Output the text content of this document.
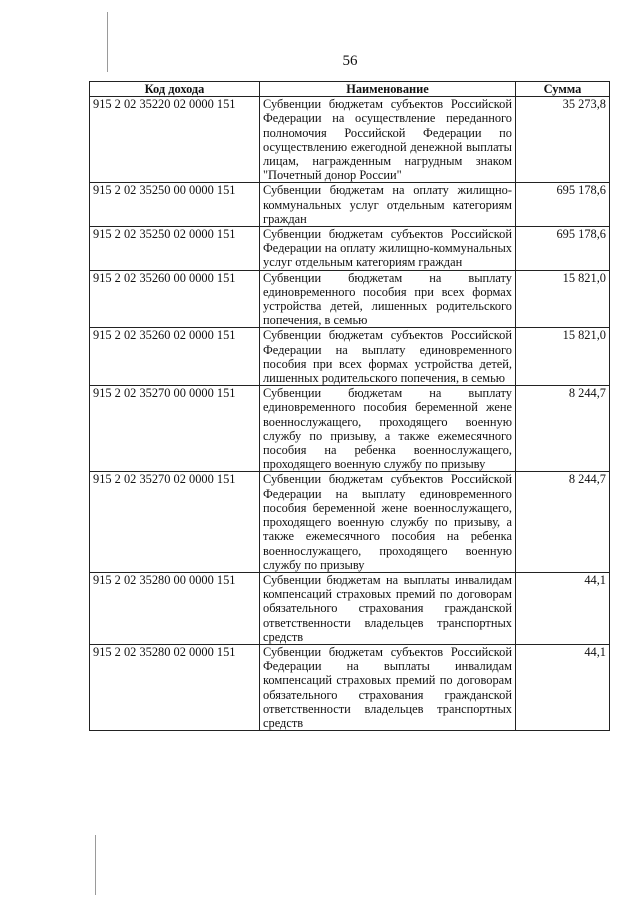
56
Код дохода	Наименование	Сумма
915 2 02 35220 02 0000 151	Субвенции бюджетам субъектов Российской Федерации на осуществление переданного полномочия Российской Федерации по осуществлению ежегодной денежной выплаты лицам, награжденным нагрудным знаком "Почетный донор России"	35 273,8
915 2 02 35250 00 0000 151	Субвенции бюджетам на оплату жилищно-коммунальных услуг отдельным категориям граждан	695 178,6
915 2 02 35250 02 0000 151	Субвенции бюджетам субъектов Российской Федерации на оплату жилищно-коммунальных услуг отдельным категориям граждан	695 178,6
915 2 02 35260 00 0000 151	Субвенции бюджетам на выплату единовременного пособия при всех формах устройства детей, лишенных родительского попечения, в семью	15 821,0
915 2 02 35260 02 0000 151	Субвенции бюджетам субъектов Российской Федерации на выплату единовременного пособия при всех формах устройства детей, лишенных родительского попечения, в семью	15 821,0
915 2 02 35270 00 0000 151	Субвенции бюджетам на выплату единовременного пособия беременной жене военнослужащего, проходящего военную службу по призыву, а также ежемесячного пособия на ребенка военнослужащего, проходящего военную службу по призыву	8 244,7
915 2 02 35270 02 0000 151	Субвенции бюджетам субъектов Российской Федерации на выплату единовременного пособия беременной жене военнослужащего, проходящего военную службу по призыву, а также ежемесячного пособия на ребенка военнослужащего, проходящего военную службу по призыву	8 244,7
915 2 02 35280 00 0000 151	Субвенции бюджетам на выплаты инвалидам компенсаций страховых премий по договорам обязательного страхования гражданской ответственности владельцев транспортных средств	44,1
915 2 02 35280 02 0000 151	Субвенции бюджетам субъектов Российской Федерации на выплаты инвалидам компенсаций страховых премий по договорам обязательного страхования гражданской ответственности владельцев транспортных средств	44,1
